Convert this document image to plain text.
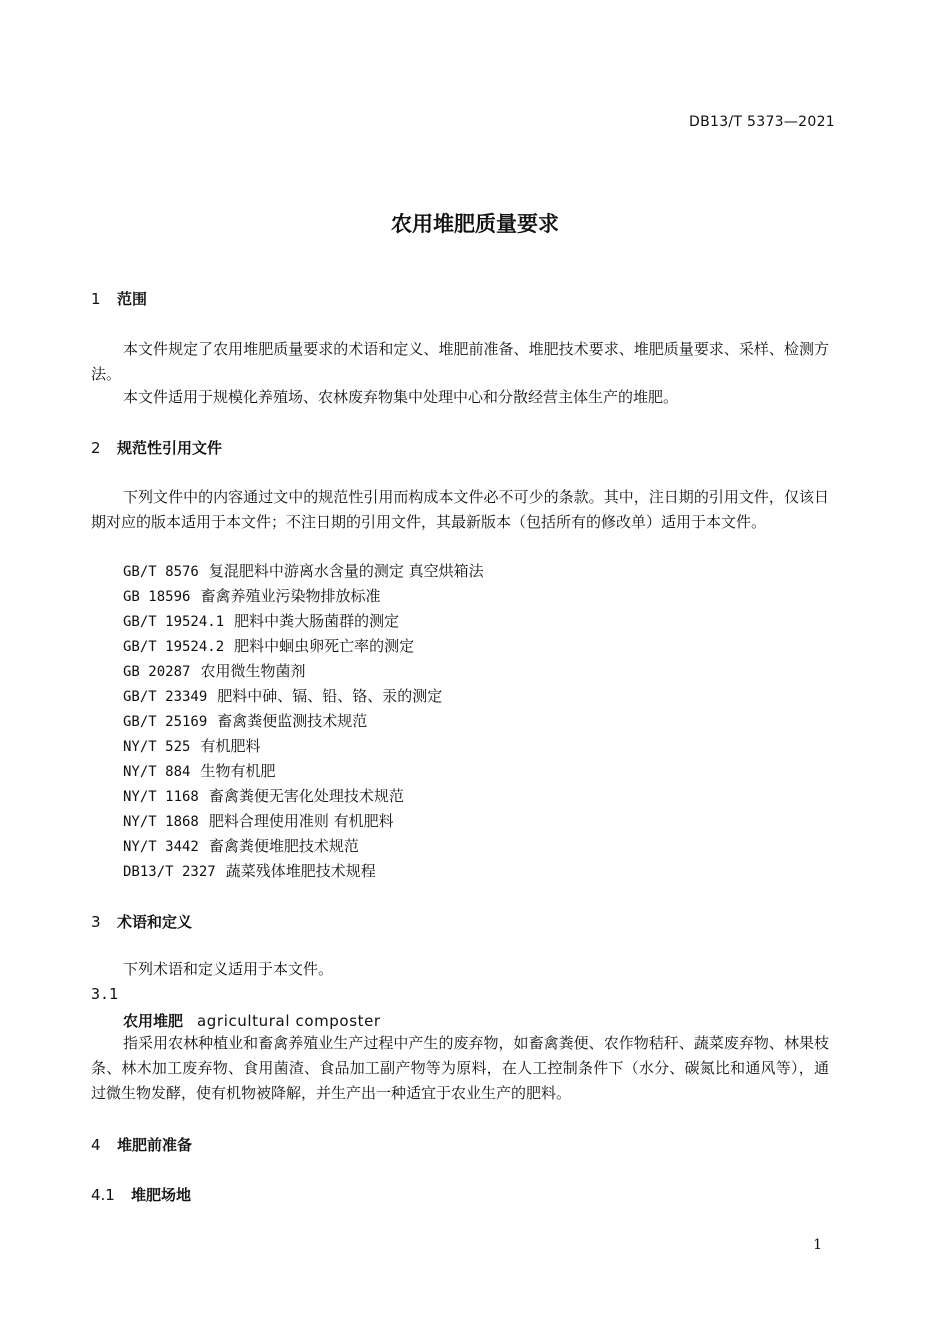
DB13/T 5373—2021
农用堆肥质量要求
1 范围

本文件规定了农用堆肥质量要求的术语和定义、堆肥前准备、堆肥技术要求、堆肥质量要求、采样、检测方法。

本文件适用于规模化养殖场、农林废弃物集中处理中心和分散经营主体生产的堆肥。

2 规范性引用文件

下列文件中的内容通过文中的规范性引用而构成本文件必不可少的条款。其中，注日期的引用文件，仅该日期对应的版本适用于本文件；不注日期的引用文件，其最新版本（包括所有的修改单）适用于本文件。

GB/T 8576 复混肥料中游离水含量的测定 真空烘箱法
GB 18596 畜禽养殖业污染物排放标准
GB/T 19524.1 肥料中粪大肠菌群的测定
GB/T 19524.2 肥料中蛔虫卵死亡率的测定
GB 20287 农用微生物菌剂
GB/T 23349 肥料中砷、镉、铅、铬、汞的测定
GB/T 25169 畜禽粪便监测技术规范
NY/T 525 有机肥料
NY/T 884 生物有机肥
NY/T 1168 畜禽粪便无害化处理技术规范
NY/T 1868 肥料合理使用准则 有机肥料
NY/T 3442 畜禽粪便堆肥技术规范
DB13/T 2327 蔬菜残体堆肥技术规程
3 术语和定义

下列术语和定义适用于本文件。

3.1
农用堆肥 agricultural composter

指采用农林种植业和畜禽养殖业生产过程中产生的废弃物，如畜禽粪便、农作物秸秆、蔬菜废弃物、林果枝条、林木加工废弃物、食用菌渣、食品加工副产物等为原料，在人工控制条件下（水分、碳氮比和通风等），通过微生物发酵，使有机物被降解，并生产出一种适宜于农业生产的肥料。

4 堆肥前准备
4.1 堆肥场地
1
